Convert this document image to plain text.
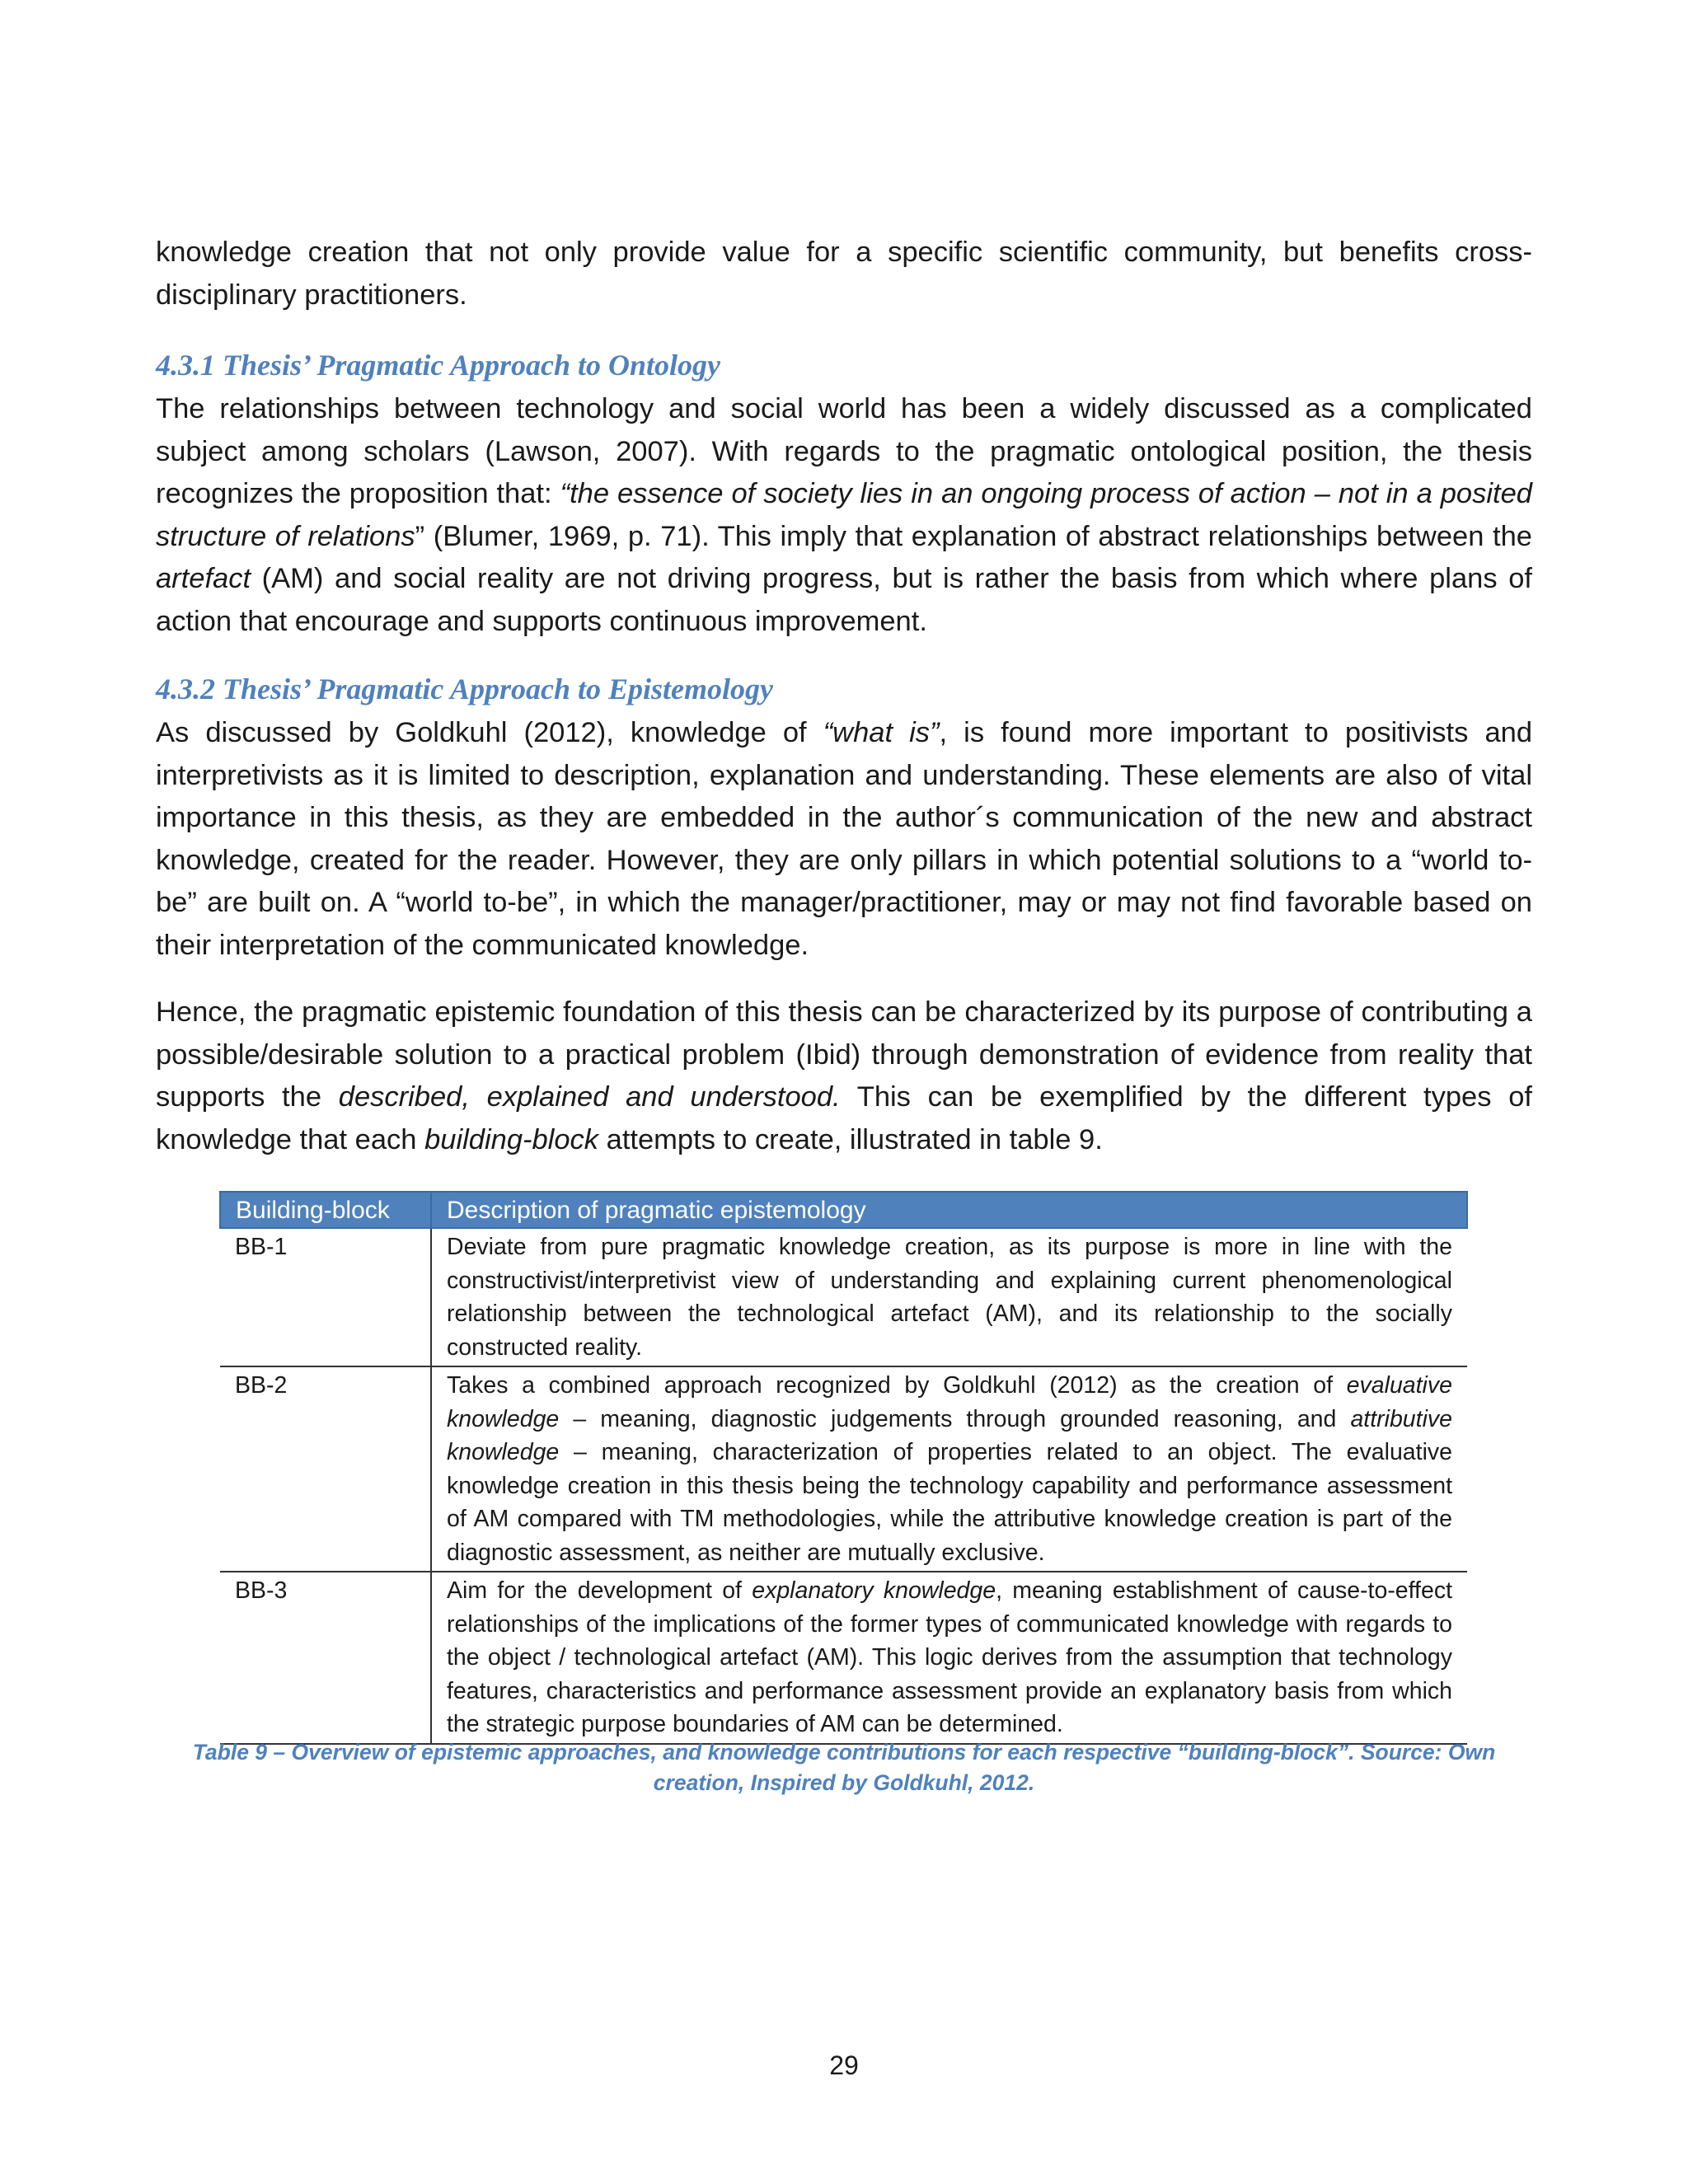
knowledge creation that not only provide value for a specific scientific community, but benefits cross-disciplinary practitioners.

4.3.1 Thesis’ Pragmatic Approach to Ontology

The relationships between technology and social world has been a widely discussed as a complicated subject among scholars (Lawson, 2007). With regards to the pragmatic ontological position, the thesis recognizes the proposition that: “the essence of society lies in an ongoing process of action – not in a posited structure of relations” (Blumer, 1969, p. 71). This imply that explanation of abstract relationships between the artefact (AM) and social reality are not driving progress, but is rather the basis from which where plans of action that encourage and supports continuous improvement.

4.3.2 Thesis’ Pragmatic Approach to Epistemology

As discussed by Goldkuhl (2012), knowledge of “what is”, is found more important to positivists and interpretivists as it is limited to description, explanation and understanding. These elements are also of vital importance in this thesis, as they are embedded in the author´s communication of the new and abstract knowledge, created for the reader. However, they are only pillars in which potential solutions to a “world to-be” are built on. A “world to-be”, in which the manager/practitioner, may or may not find favorable based on their interpretation of the communicated knowledge.

Hence, the pragmatic epistemic foundation of this thesis can be characterized by its purpose of contributing a possible/desirable solution to a practical problem (Ibid) through demonstration of evidence from reality that supports the described, explained and understood. This can be exemplified by the different types of knowledge that each building-block attempts to create, illustrated in table 9.

Building-block	Description of pragmatic epistemology
BB-1	Deviate from pure pragmatic knowledge creation, as its purpose is more in line with the constructivist/interpretivist view of understanding and explaining current phenomenological relationship between the technological artefact (AM), and its relationship to the socially constructed reality.
BB-2	Takes a combined approach recognized by Goldkuhl (2012) as the creation of evaluative knowledge – meaning, diagnostic judgements through grounded reasoning, and attributive knowledge – meaning, characterization of properties related to an object. The evaluative knowledge creation in this thesis being the technology capability and performance assessment of AM compared with TM methodologies, while the attributive knowledge creation is part of the diagnostic assessment, as neither are mutually exclusive.
BB-3	Aim for the development of explanatory knowledge, meaning establishment of cause-to-effect relationships of the implications of the former types of communicated knowledge with regards to the object / technological artefact (AM). This logic derives from the assumption that technology features, characteristics and performance assessment provide an explanatory basis from which the strategic purpose boundaries of AM can be determined.
Table 9 – Overview of epistemic approaches, and knowledge contributions for each respective “building-block”. Source: Own creation, Inspired by Goldkuhl, 2012.
29
